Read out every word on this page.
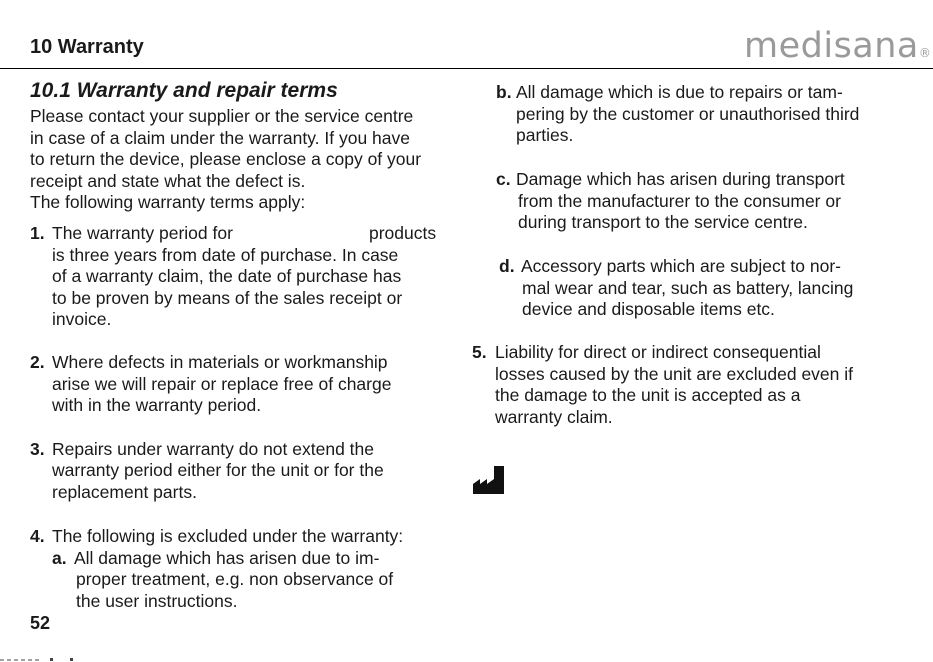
10 Warranty	medisana®
10.1 Warranty and repair terms
Please contact your supplier or the service centre
in case of a claim under the warranty. If you have
to return the device, please enclose a copy of your
receipt and state what the defect is.
The following warranty terms apply:
1. The warranty period for	products
is three years from date of purchase. In case
of a warranty claim, the date of purchase has
to be proven by means of the sales receipt or
invoice.
2. Where defects in materials or workmanship
arise we will repair or replace free of charge
with in the warranty period.
3. Repairs under warranty do not extend the
warranty period either for the unit or for the
replacement parts.
4. The following is excluded under the warranty:
a. All damage which has arisen due to im-
proper treatment, e.g. non observance of
the user instructions.
b. All damage which is due to repairs or tam-
pering by the customer or unauthorised third
parties.
c. Damage which has arisen during transport
from the manufacturer to the consumer or
during transport to the service centre.
d. Accessory parts which are subject to nor-
mal wear and tear, such as battery, lancing
device and disposable items etc.
5. Liability for direct or indirect consequential
losses caused by the unit are excluded even if
the damage to the unit is accepted as a
warranty claim.
52
